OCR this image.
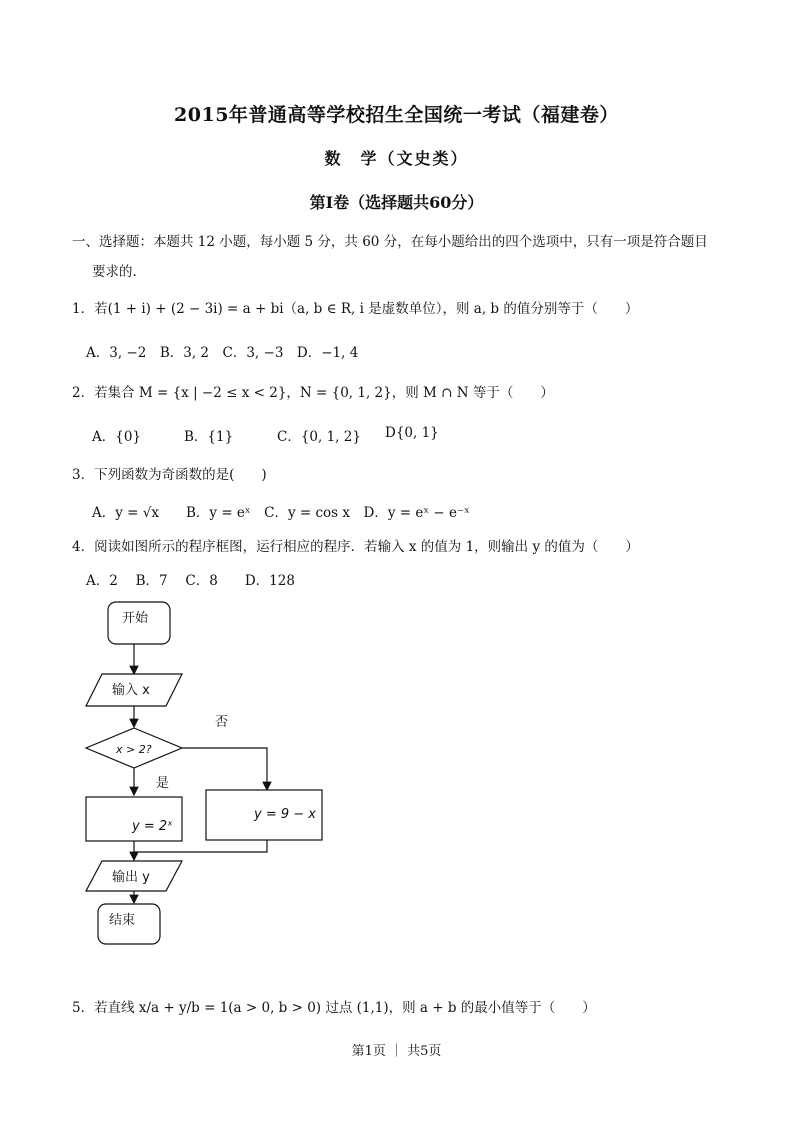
2015年普通高等学校招生全国统一考试（福建卷）
数　学（文史类）
第Ⅰ卷（选择题共60分）
一、选择题：本题共 12 小题，每小题 5 分，共 60 分，在每小题给出的四个选项中，只有一项是符合题目
要求的.
1．若(1 + i) + (2 − 3i) = a + bi（a, b ∈ R, i 是虚数单位），则 a, b 的值分别等于（　　）
A．3, −2　B．3, 2　C．3, −3　D．−1, 4
2．若集合 M = {x | −2 ≤ x < 2}，N = {0, 1, 2}，则 M ∩ N 等于（　　）
A．{0}	B．{1}	C．{0, 1, 2} D{0, 1}
3．下列函数为奇函数的是(　　)
A．y = √x　　B．y = eˣ　C．y = cos x　D．y = eˣ − e⁻ˣ
4．阅读如图所示的程序框图，运行相应的程序．若输入 x 的值为 1，则输出 y 的值为（　　）
A．2　 B．7　 C．8　　D．128
开始
输入 x
x > 2?
否
是
y = 2ˣ
y = 9 − x
输出 y
结束
5．若直线 x/a + y/b = 1(a > 0, b > 0) 过点 (1,1)，则 a + b 的最小值等于（　　）
第1页 ｜ 共5页
